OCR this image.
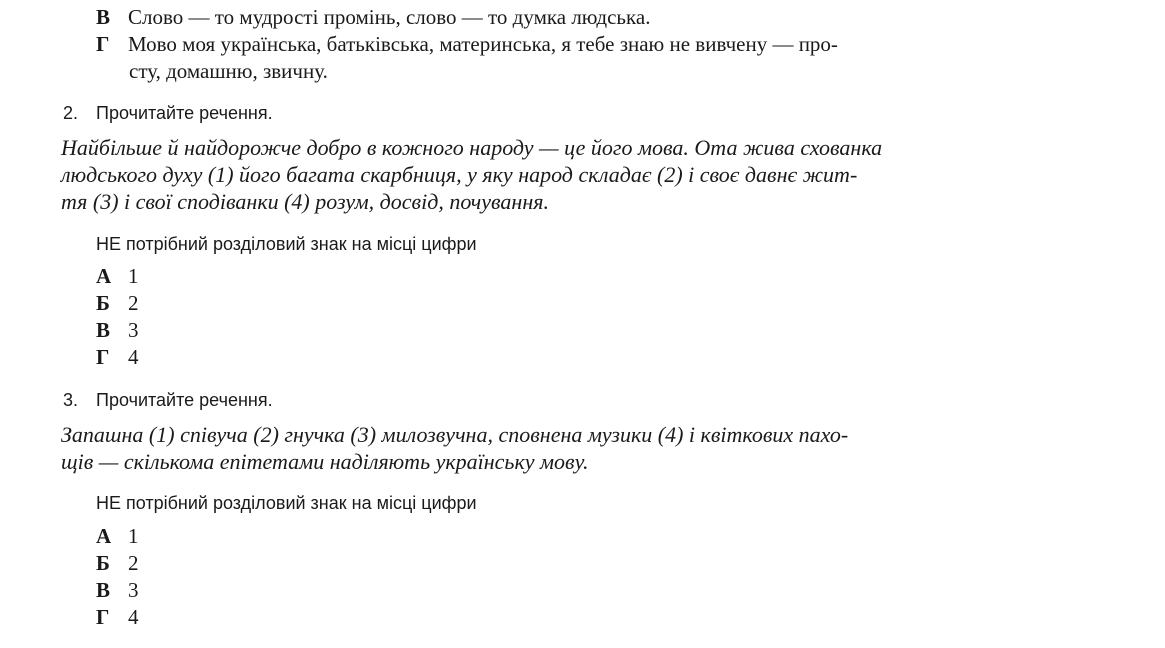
В Слово — то мудрості промінь, слово — то думка людська.
Г Мово моя українська, батьківська, материнська, я тебе знаю не вивчену — про-
сту, домашню, звичну.
2. Прочитайте речення.
Найбільше й найдорожче добро в кожного народу — це його мова. Ота жива схованка
людського духу (1) його багата скарбниця, у яку народ складає (2) і своє давнє жит-
тя (3) і свої сподіванки (4) розум, досвід, почування.
НЕ потрібний розділовий знак на місці цифри
А 1
Б 2
В 3
Г 4
3. Прочитайте речення.
Запашна (1) співуча (2) гнучка (3) милозвучна, сповнена музики (4) і квіткових пахо-
щів — скількома епітетами наділяють українську мову.
НЕ потрібний розділовий знак на місці цифри
А 1
Б 2
В 3
Г 4
